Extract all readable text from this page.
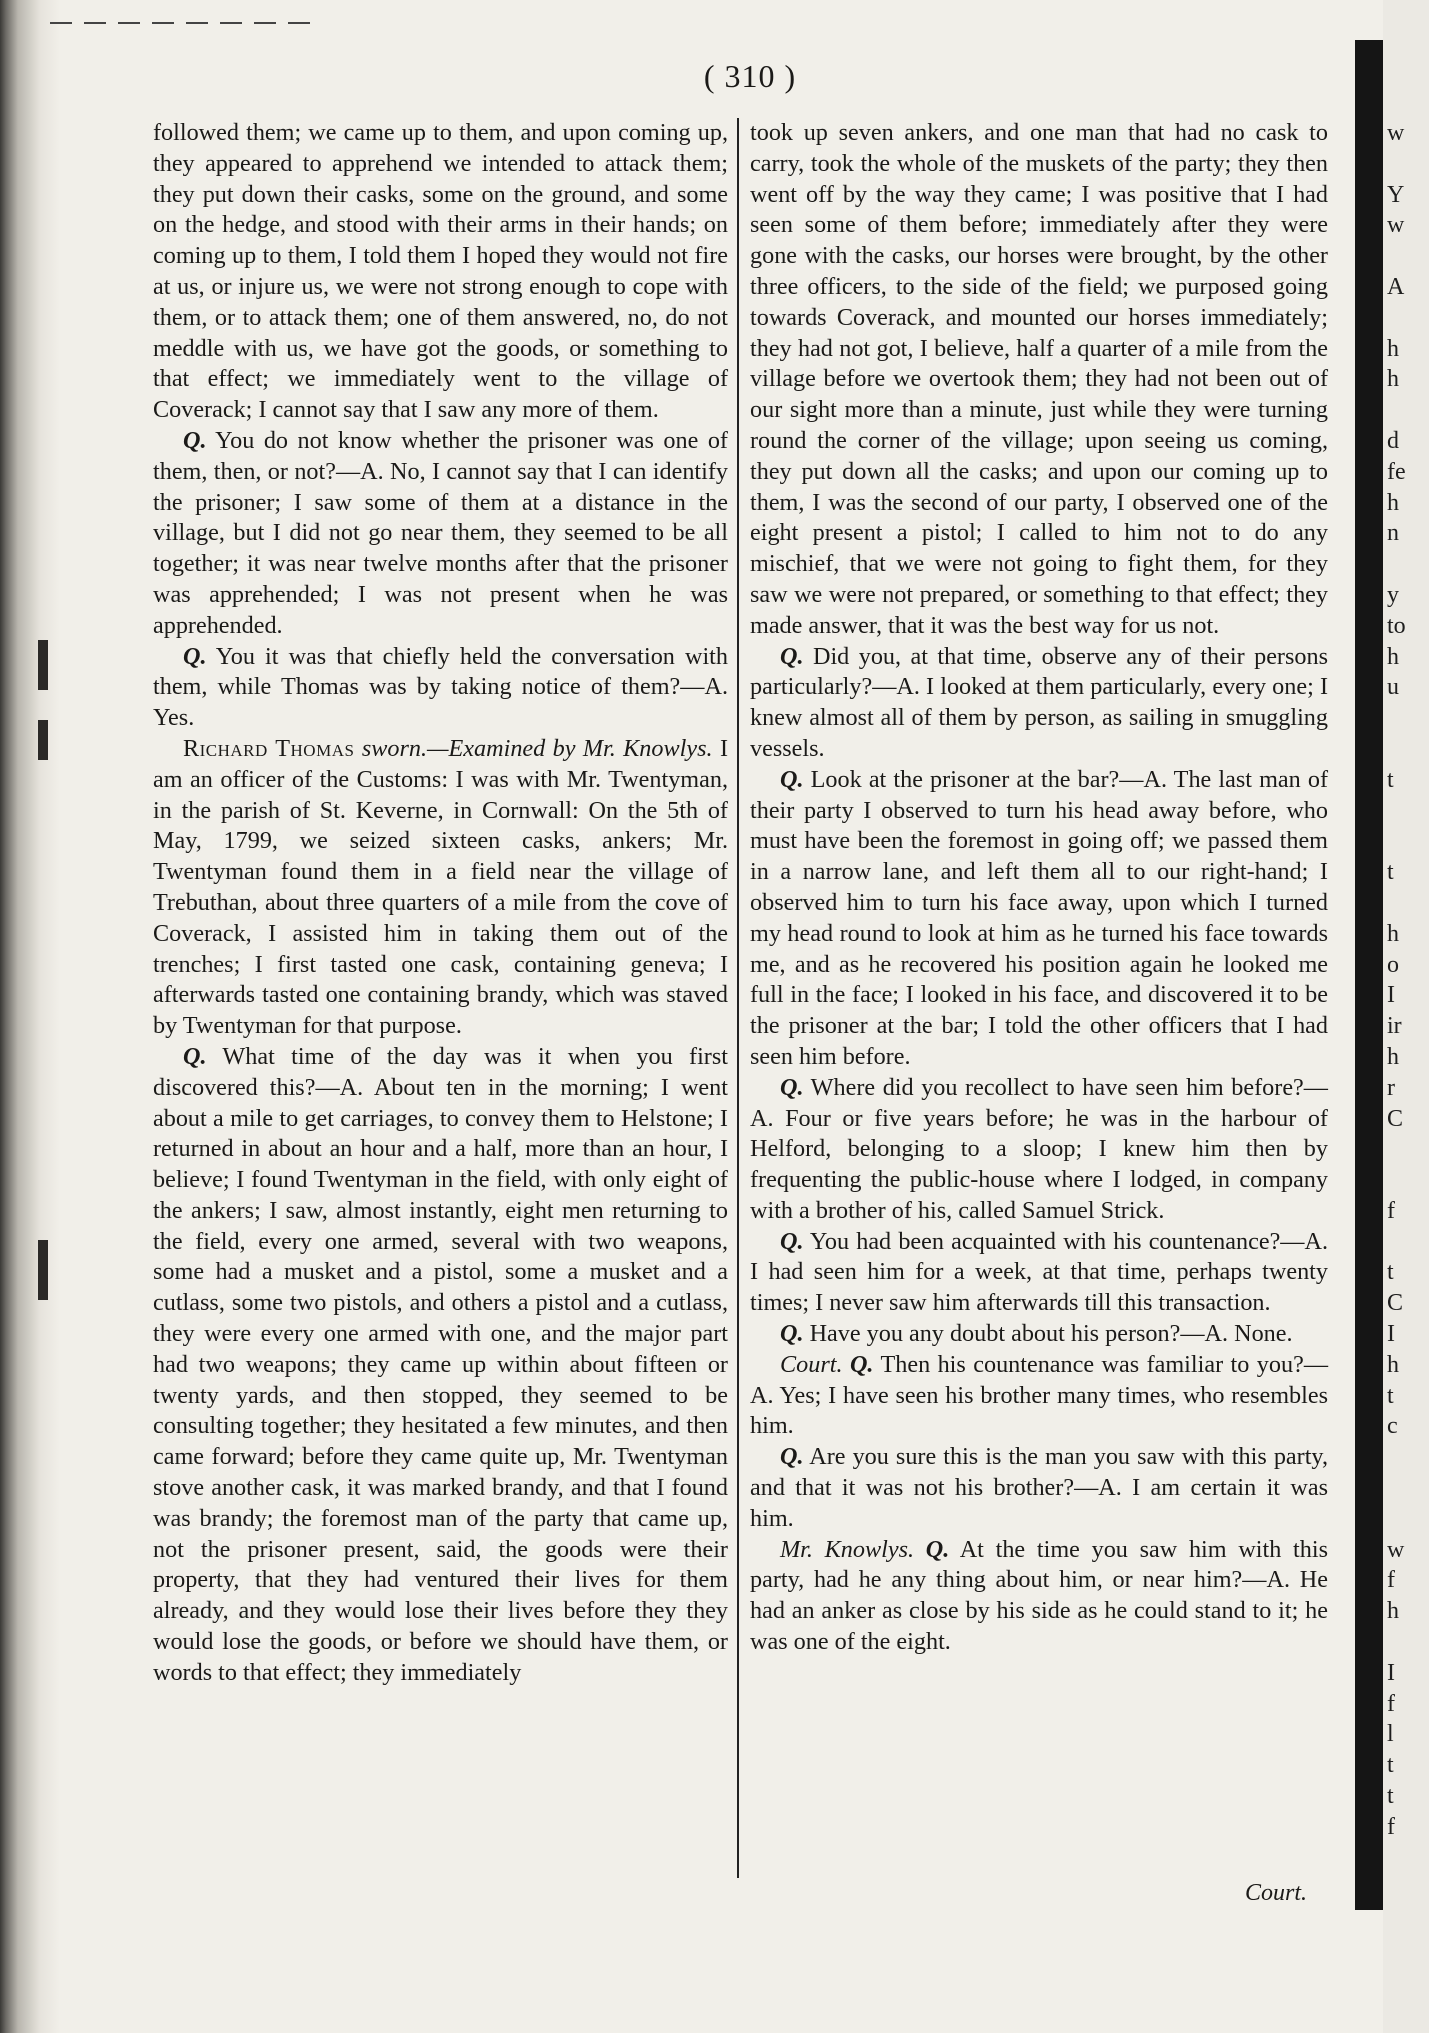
( 310 )

followed them; we came up to them, and upon coming up, they appeared to apprehend we intended to attack them; they put down their casks, some on the ground, and some on the hedge, and stood with their arms in their hands; on coming up to them, I told them I hoped they would not fire at us, or injure us, we were not strong enough to cope with them, or to attack them; one of them answered, no, do not meddle with us, we have got the goods, or something to that effect; we immediately went to the village of Coverack; I cannot say that I saw any more of them.

Q. You do not know whether the prisoner was one of them, then, or not?—A. No, I cannot say that I can identify the prisoner; I saw some of them at a distance in the village, but I did not go near them, they seemed to be all together; it was near twelve months after that the prisoner was apprehended; I was not present when he was apprehended.

Q. You it was that chiefly held the conversation with them, while Thomas was by taking notice of them?—A. Yes.

Richard Thomas sworn.—Examined by Mr. Knowlys. I am an officer of the Customs: I was with Mr. Twentyman, in the parish of St. Keverne, in Cornwall: On the 5th of May, 1799, we seized sixteen casks, ankers; Mr. Twentyman found them in a field near the village of Trebuthan, about three quarters of a mile from the cove of Coverack, I assisted him in taking them out of the trenches; I first tasted one cask, containing geneva; I afterwards tasted one containing brandy, which was staved by Twentyman for that purpose.

Q. What time of the day was it when you first discovered this?—A. About ten in the morning; I went about a mile to get carriages, to convey them to Helstone; I returned in about an hour and a half, more than an hour, I believe; I found Twentyman in the field, with only eight of the ankers; I saw, almost instantly, eight men returning to the field, every one armed, several with two weapons, some had a musket and a pistol, some a musket and a cutlass, some two pistols, and others a pistol and a cutlass, they were every one armed with one, and the major part had two weapons; they came up within about fifteen or twenty yards, and then stopped, they seemed to be consulting together; they hesitated a few minutes, and then came forward; before they came quite up, Mr. Twentyman stove another cask, it was marked brandy, and that I found was brandy; the foremost man of the party that came up, not the prisoner present, said, the goods were their property, that they had ventured their lives for them already, and they would lose their lives before they they would lose the goods, or before we should have them, or words to that effect; they immediately

took up seven ankers, and one man that had no cask to carry, took the whole of the muskets of the party; they then went off by the way they came; I was positive that I had seen some of them before; immediately after they were gone with the casks, our horses were brought, by the other three officers, to the side of the field; we purposed going towards Coverack, and mounted our horses immediately; they had not got, I believe, half a quarter of a mile from the village before we overtook them; they had not been out of our sight more than a minute, just while they were turning round the corner of the village; upon seeing us coming, they put down all the casks; and upon our coming up to them, I was the second of our party, I observed one of the eight present a pistol; I called to him not to do any mischief, that we were not going to fight them, for they saw we were not prepared, or something to that effect; they made answer, that it was the best way for us not.

Q. Did you, at that time, observe any of their persons particularly?—A. I looked at them particularly, every one; I knew almost all of them by person, as sailing in smuggling vessels.

Q. Look at the prisoner at the bar?—A. The last man of their party I observed to turn his head away before, who must have been the foremost in going off; we passed them in a narrow lane, and left them all to our right-hand; I observed him to turn his face away, upon which I turned my head round to look at him as he turned his face towards me, and as he recovered his position again he looked me full in the face; I looked in his face, and discovered it to be the prisoner at the bar; I told the other officers that I had seen him before.

Q. Where did you recollect to have seen him before?—A. Four or five years before; he was in the harbour of Helford, belonging to a sloop; I knew him then by frequenting the public-house where I lodged, in company with a brother of his, called Samuel Strick.

Q. You had been acquainted with his countenance?—A. I had seen him for a week, at that time, perhaps twenty times; I never saw him afterwards till this transaction.

Q. Have you any doubt about his person?—A. None.

Court. Q. Then his countenance was familiar to you?—A. Yes; I have seen his brother many times, who resembles him.

Q. Are you sure this is the man you saw with this party, and that it was not his brother?—A. I am certain it was him.

Mr. Knowlys. Q. At the time you saw him with this party, had he any thing about him, or near him?—A. He had an anker as close by his side as he could stand to it; he was one of the eight.

Court.
w
Y
w
A
h
h
d
fe
h
n
y
to
h
u
t
t
h
o
I
ir
h
r
C
f
t
C
I
h
t
c
w
f
h
I
f
l
t
t
f
